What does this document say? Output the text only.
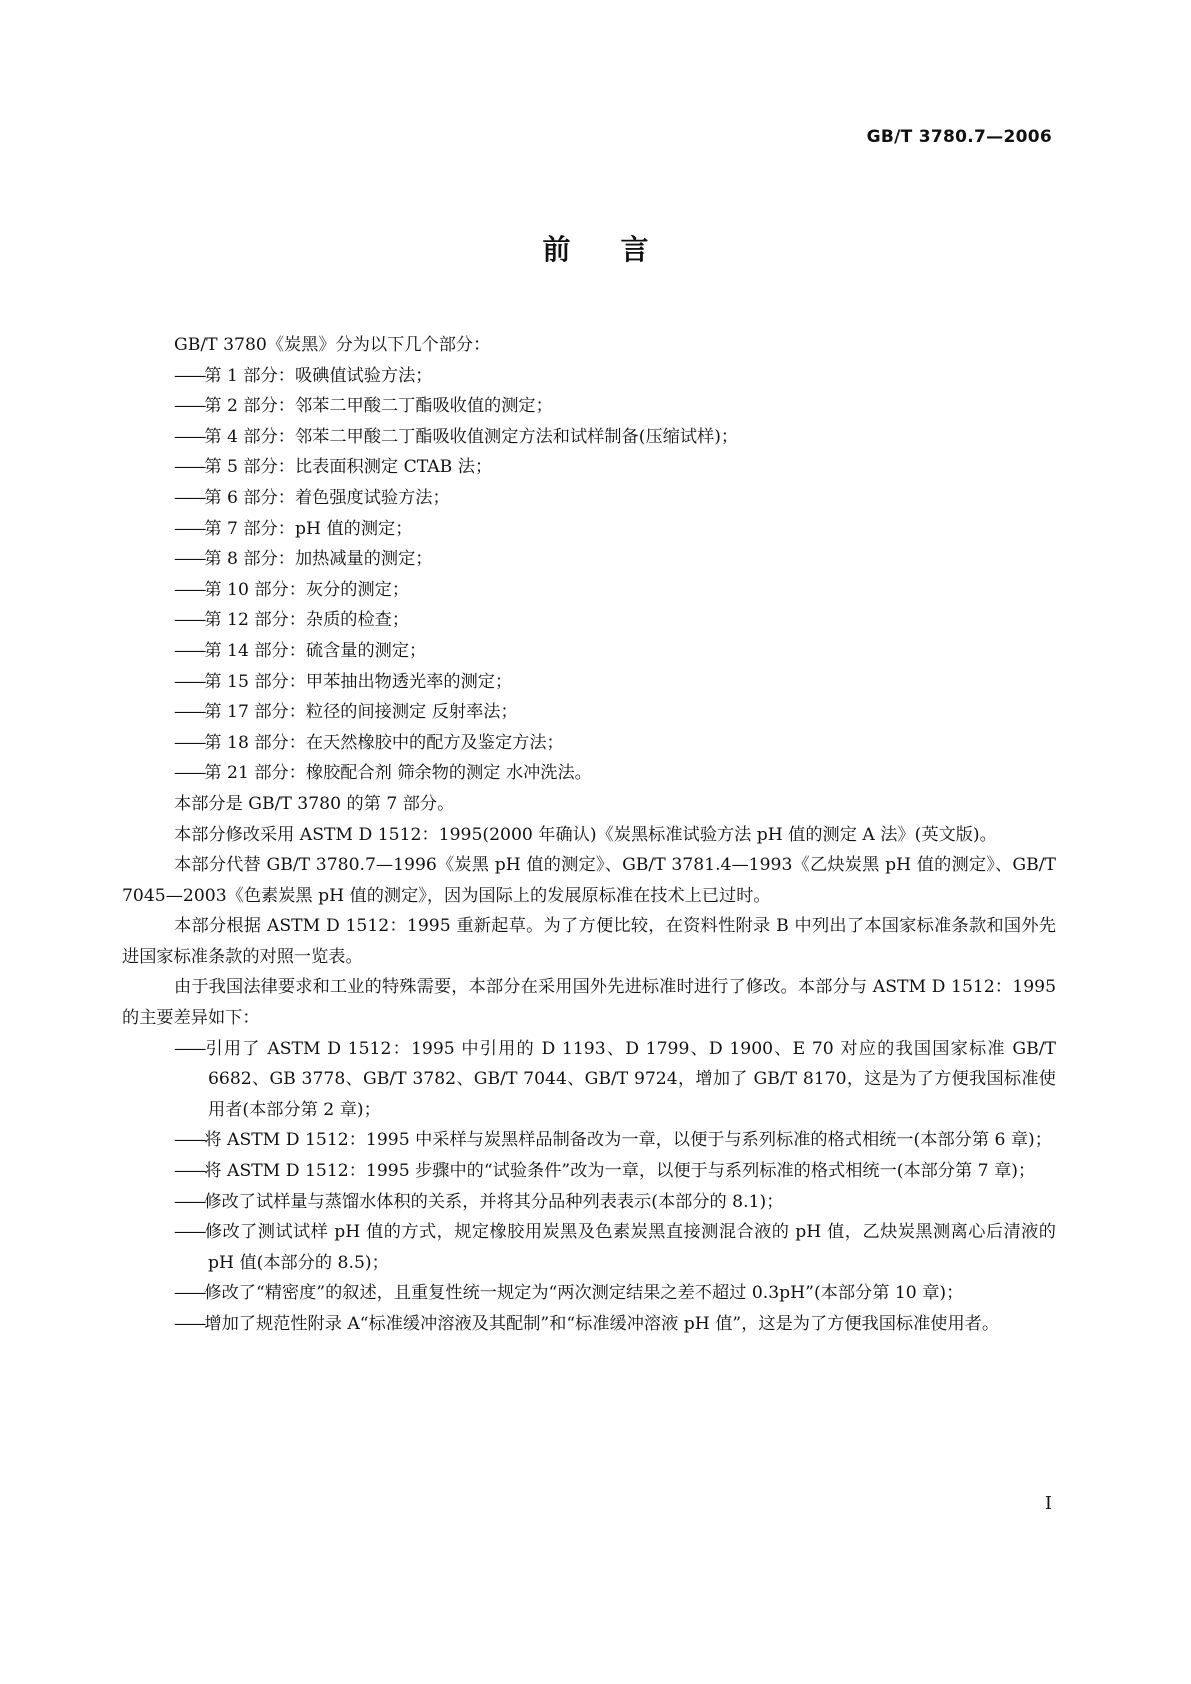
GB/T 3780.7—2006
前言

GB/T 3780《炭黑》分为以下几个部分：

——第 1 部分：吸碘值试验方法；
——第 2 部分：邻苯二甲酸二丁酯吸收值的测定；
——第 4 部分：邻苯二甲酸二丁酯吸收值测定方法和试样制备(压缩试样)；
——第 5 部分：比表面积测定 CTAB 法；
——第 6 部分：着色强度试验方法；
——第 7 部分：pH 值的测定；
——第 8 部分：加热减量的测定；
——第 10 部分：灰分的测定；
——第 12 部分：杂质的检查；
——第 14 部分：硫含量的测定；
——第 15 部分：甲苯抽出物透光率的测定；
——第 17 部分：粒径的间接测定 反射率法；
——第 18 部分：在天然橡胶中的配方及鉴定方法；
——第 21 部分：橡胶配合剂 筛余物的测定 水冲洗法。

本部分是 GB/T 3780 的第 7 部分。

本部分修改采用 ASTM D 1512：1995(2000 年确认)《炭黑标准试验方法 pH 值的测定 A 法》(英文版)。

本部分代替 GB/T 3780.7—1996《炭黑 pH 值的测定》、GB/T 3781.4—1993《乙炔炭黑 pH 值的测定》、GB/T 7045—2003《色素炭黑 pH 值的测定》，因为国际上的发展原标准在技术上已过时。

本部分根据 ASTM D 1512：1995 重新起草。为了方便比较，在资料性附录 B 中列出了本国家标准条款和国外先进国家标准条款的对照一览表。

由于我国法律要求和工业的特殊需要，本部分在采用国外先进标准时进行了修改。本部分与 ASTM D 1512：1995 的主要差异如下：

——引用了 ASTM D 1512：1995 中引用的 D 1193、D 1799、D 1900、E 70 对应的我国国家标准 GB/T 6682、GB 3778、GB/T 3782、GB/T 7044、GB/T 9724，增加了 GB/T 8170，这是为了方便我国标准使用者(本部分第 2 章)；
——将 ASTM D 1512：1995 中采样与炭黑样品制备改为一章，以便于与系列标准的格式相统一(本部分第 6 章)；
——将 ASTM D 1512：1995 步骤中的“试验条件”改为一章，以便于与系列标准的格式相统一(本部分第 7 章)；
——修改了试样量与蒸馏水体积的关系，并将其分品种列表表示(本部分的 8.1)；
——修改了测试试样 pH 值的方式，规定橡胶用炭黑及色素炭黑直接测混合液的 pH 值，乙炔炭黑测离心后清液的 pH 值(本部分的 8.5)；
——修改了“精密度”的叙述，且重复性统一规定为“两次测定结果之差不超过 0.3pH”(本部分第 10 章)；
——增加了规范性附录 A“标准缓冲溶液及其配制”和“标准缓冲溶液 pH 值”，这是为了方便我国标准使用者。
I
